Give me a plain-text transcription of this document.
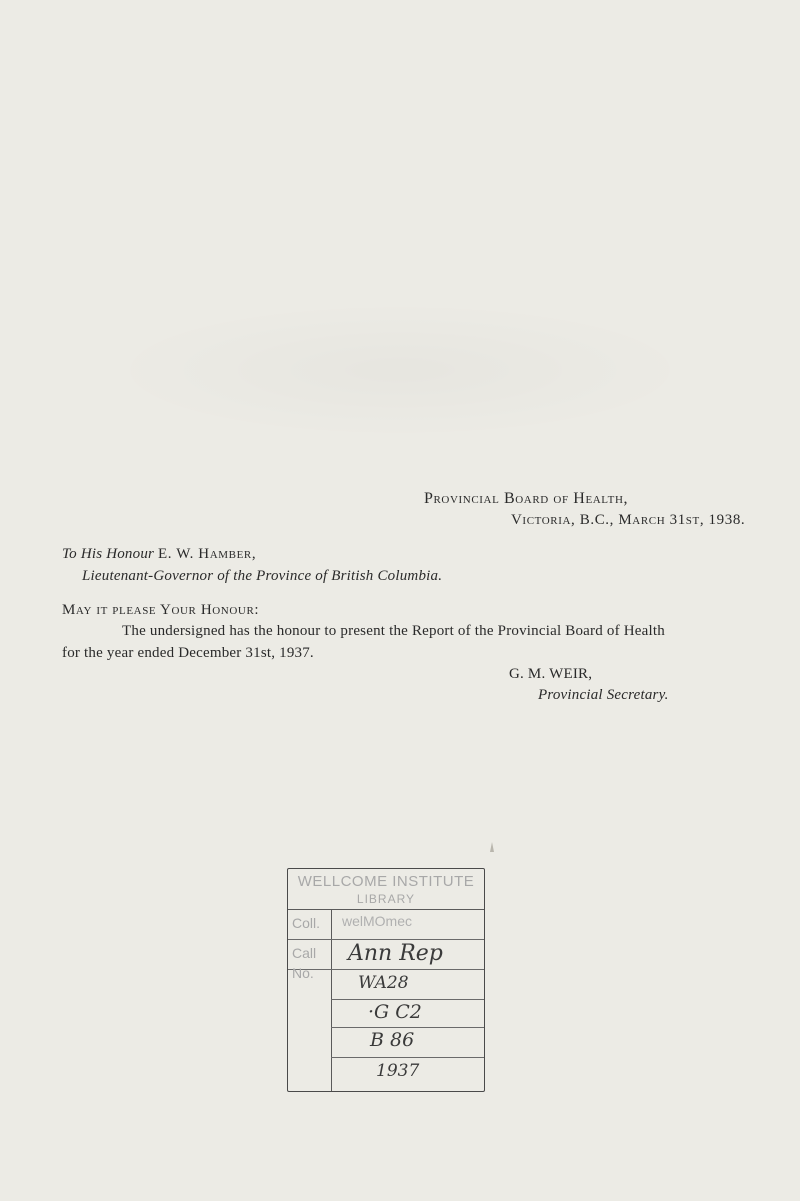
Provincial Board of Health,
Victoria, B.C., March 31st, 1938.
To His Honour E. W. Hamber,
Lieutenant-Governor of the Province of British Columbia.
May it please Your Honour:
The undersigned has the honour to present the Report of the Provincial Board of Health
for the year ended December 31st, 1937.
G. M. WEIR,
Provincial Secretary.
WELLCOME INSTITUTE
LIBRARY
Coll.
Call
No.
welMOmec
Ann Rep
WA28
·G C2
B 86
1937
